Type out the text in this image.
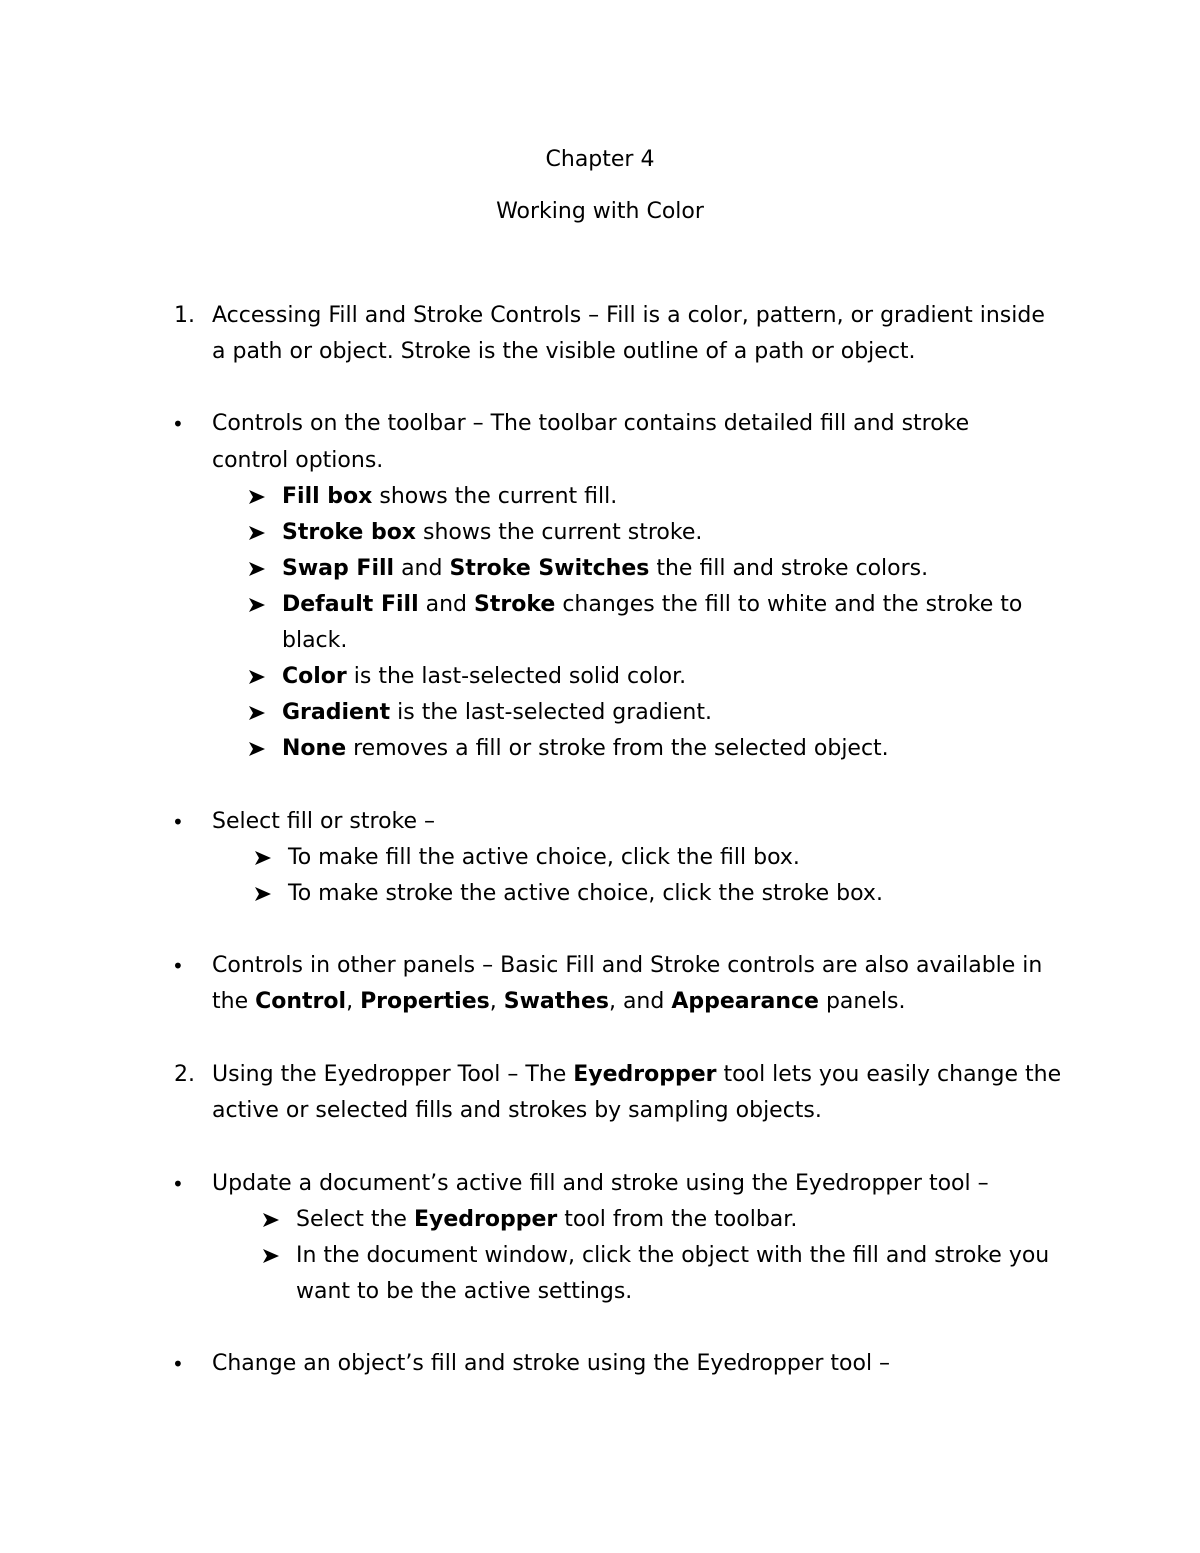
Chapter 4
Working with Color
1. Accessing Fill and Stroke Controls – Fill is a color, pattern, or gradient inside
a path or object. Stroke is the visible outline of a path or object.
• Controls on the toolbar – The toolbar contains detailed fill and stroke
control options.
Fill box shows the current fill.
Stroke box shows the current stroke.
Swap Fill and Stroke Switches the fill and stroke colors.
Default Fill and Stroke changes the fill to white and the stroke to
black.
Color is the last-selected solid color.
Gradient is the last-selected gradient.
None removes a fill or stroke from the selected object.
• Select fill or stroke –
To make fill the active choice, click the fill box.
To make stroke the active choice, click the stroke box.
• Controls in other panels – Basic Fill and Stroke controls are also available in
the Control, Properties, Swathes, and Appearance panels.
2. Using the Eyedropper Tool – The Eyedropper tool lets you easily change the
active or selected fills and strokes by sampling objects.
• Update a document’s active fill and stroke using the Eyedropper tool –
Select the Eyedropper tool from the toolbar.
In the document window, click the object with the fill and stroke you
want to be the active settings.
• Change an object’s fill and stroke using the Eyedropper tool –
